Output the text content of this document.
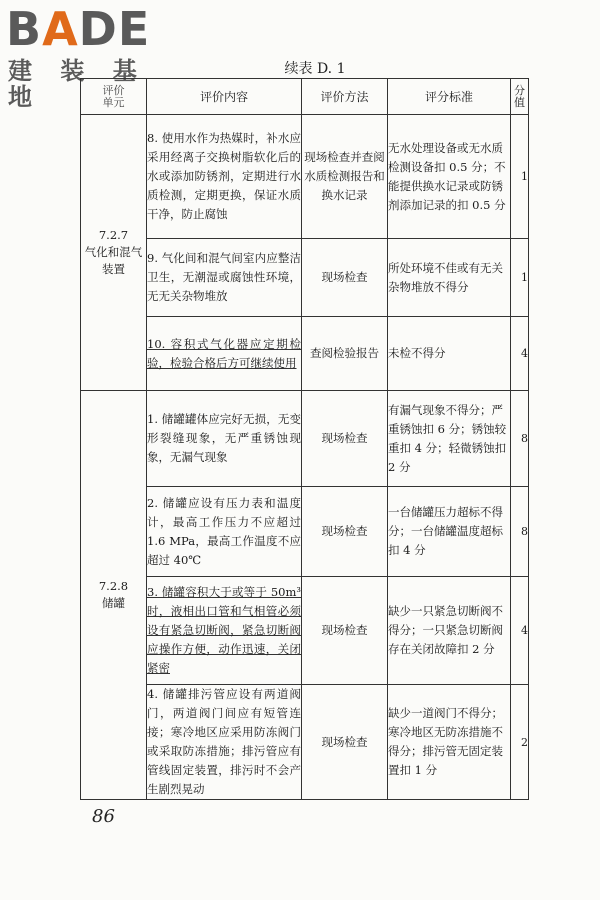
BADE
建 装 基 地
续表 D. 1
评价
单元	评价内容	评价方法	评分标准	分值

7.2.7
气化和混气装置	8. 使用水作为热媒时，补水应采用经离子交换树脂软化后的水或添加防锈剂，定期进行水质检测，定期更换，保证水质干净，防止腐蚀	现场检查并查阅水质检测报告和换水记录	无水处理设备或无水质检测设备扣 0.5 分；不能提供换水记录或防锈剂添加记录的扣 0.5 分	1
	9. 气化间和混气间室内应整洁卫生，无潮湿或腐蚀性环境，无无关杂物堆放	现场检查	所处环境不佳或有无关杂物堆放不得分	1
	10. 容积式气化器应定期检验，检验合格后方可继续使用	查阅检验报告	未检不得分	4

7.2.8
储罐	1. 储罐罐体应完好无损，无变形裂缝现象，无严重锈蚀现象，无漏气现象	现场检查	有漏气现象不得分；严重锈蚀扣 6 分；锈蚀较重扣 4 分；轻微锈蚀扣 2 分	8
	2. 储罐应设有压力表和温度计，最高工作压力不应超过 1.6 MPa，最高工作温度不应超过 40℃	现场检查	一台储罐压力超标不得分；一台储罐温度超标扣 4 分	8
	3. 储罐容积大于或等于 50m³ 时，液相出口管和气相管必须设有紧急切断阀，紧急切断阀应操作方便，动作迅速，关闭紧密	现场检查	缺少一只紧急切断阀不得分；一只紧急切断阀存在关闭故障扣 2 分	4
	4. 储罐排污管应设有两道阀门，两道阀门间应有短管连接；寒冷地区应采用防冻阀门或采取防冻措施；排污管应有管线固定装置，排污时不会产生剧烈晃动	现场检查	缺少一道阀门不得分；寒冷地区无防冻措施不得分；排污管无固定装置扣 1 分	2
86
